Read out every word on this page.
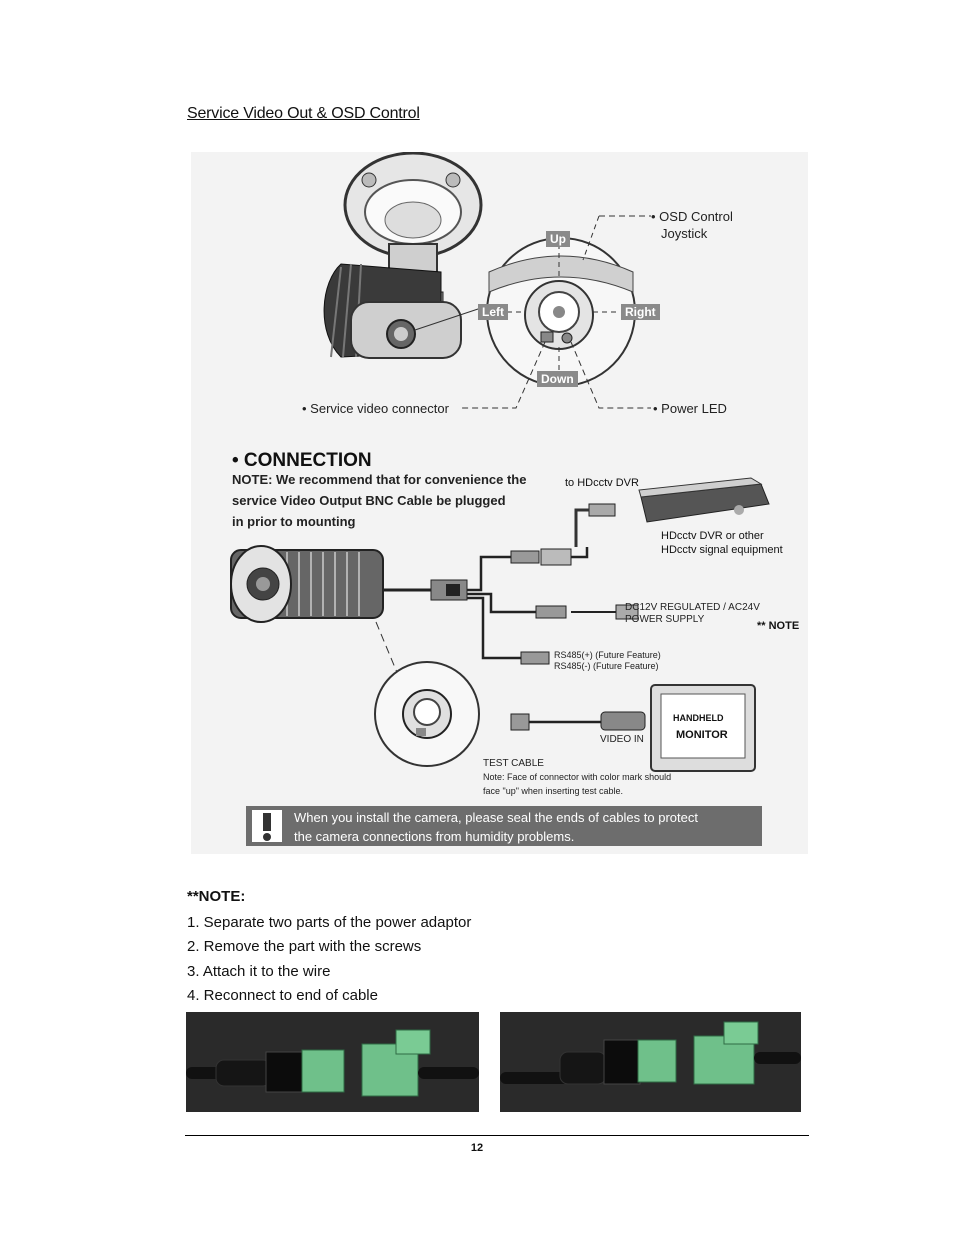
Service Video Out & OSD Control
• OSD Control
Joystick
Up
Left	Right
Down
• Service video connector	• Power LED
• CONNECTION
NOTE: We recommend that for convenience the
service Video Output BNC Cable be plugged
in prior to mounting
to HDcctv DVR
HDcctv DVR or other
HDcctv signal equipment
DC12V REGULATED / AC24V
POWER SUPPLY
** NOTE
RS485(+) (Future Feature)
RS485(-) (Future Feature)
HANDHELD
MONITOR
VIDEO IN
TEST CABLE
Note: Face of connector with color mark should
face "up" when inserting test cable.
When you install the camera, please seal the ends of cables to protect
the camera connections from humidity problems.
**NOTE:
1. Separate two parts of the power adaptor
2. Remove the part with the screws
3. Attach it to the wire
4. Reconnect to end of cable
12
